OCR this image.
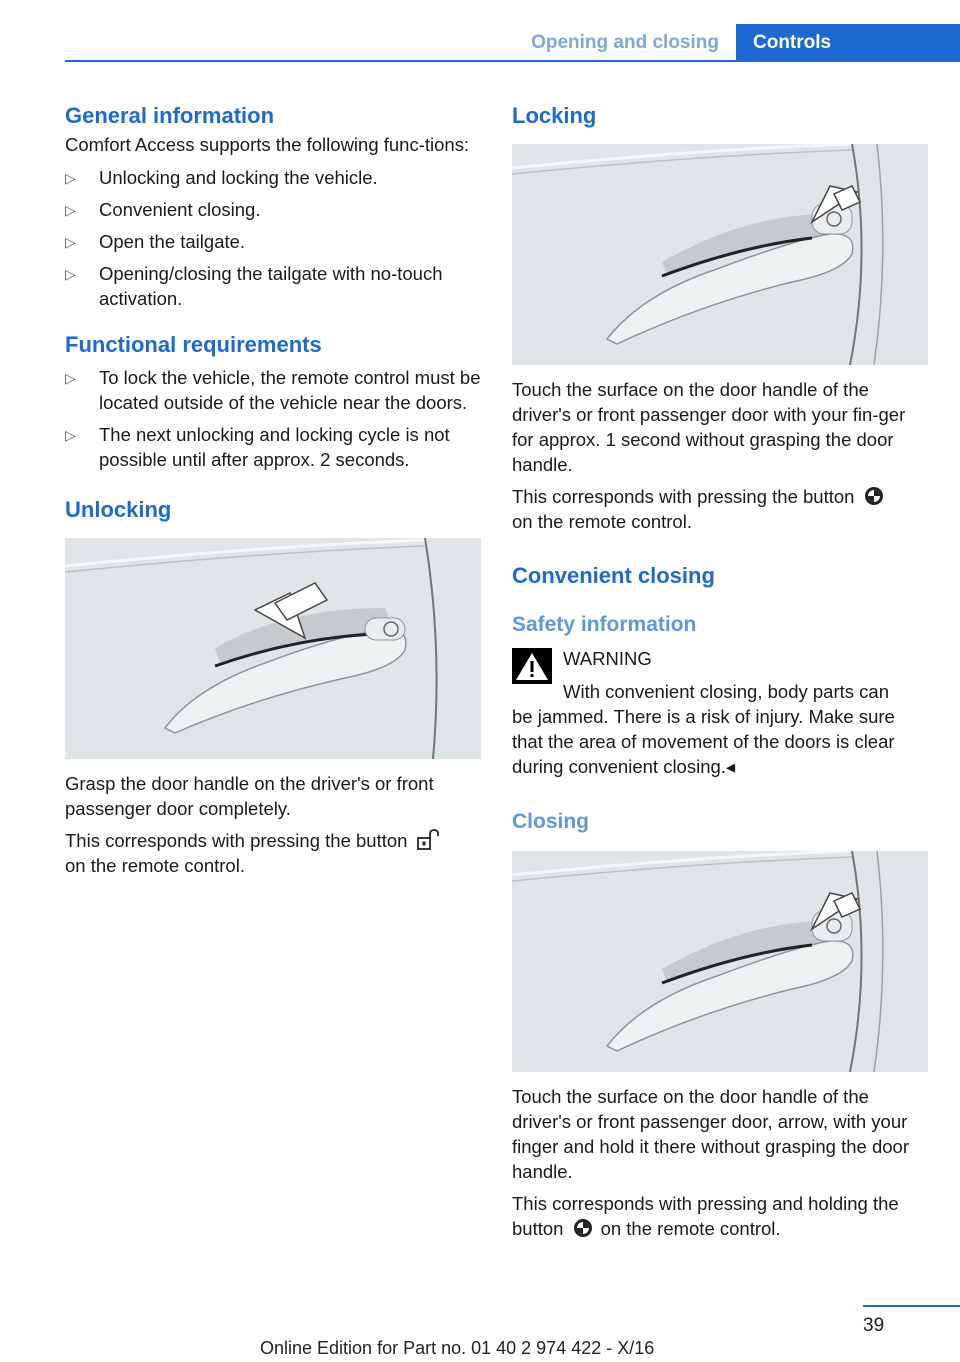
Opening and closing	Controls
General information

Comfort Access supports the following func‐tions:

▷ Unlocking and locking the vehicle.
▷ Convenient closing.
▷ Open the tailgate.
▷ Opening/closing the tailgate with no-touch activation.
Functional requirements
▷ To lock the vehicle, the remote control must be located outside of the vehicle near the doors.
▷ The next unlocking and locking cycle is not possible until after approx. 2 seconds.
Unlocking

Grasp the door handle on the driver's or front passenger door completely.

This corresponds with pressing the button

on the remote control.

Locking

Touch the surface on the door handle of the driver's or front passenger door with your fin‐ger for approx. 1 second without grasping the door handle.

This corresponds with pressing the button

on the remote control.

Convenient closing
Safety information
WARNING
With convenient closing, body parts can
be jammed. There is a risk of injury. Make sure that the area of movement of the doors is clear during convenient closing.◂
Closing

Touch the surface on the door handle of the driver's or front passenger door, arrow, with your finger and hold it there without grasping the door handle.

This corresponds with pressing and holding the button on the remote control.

39
Online Edition for Part no. 01 40 2 974 422 - X/16
